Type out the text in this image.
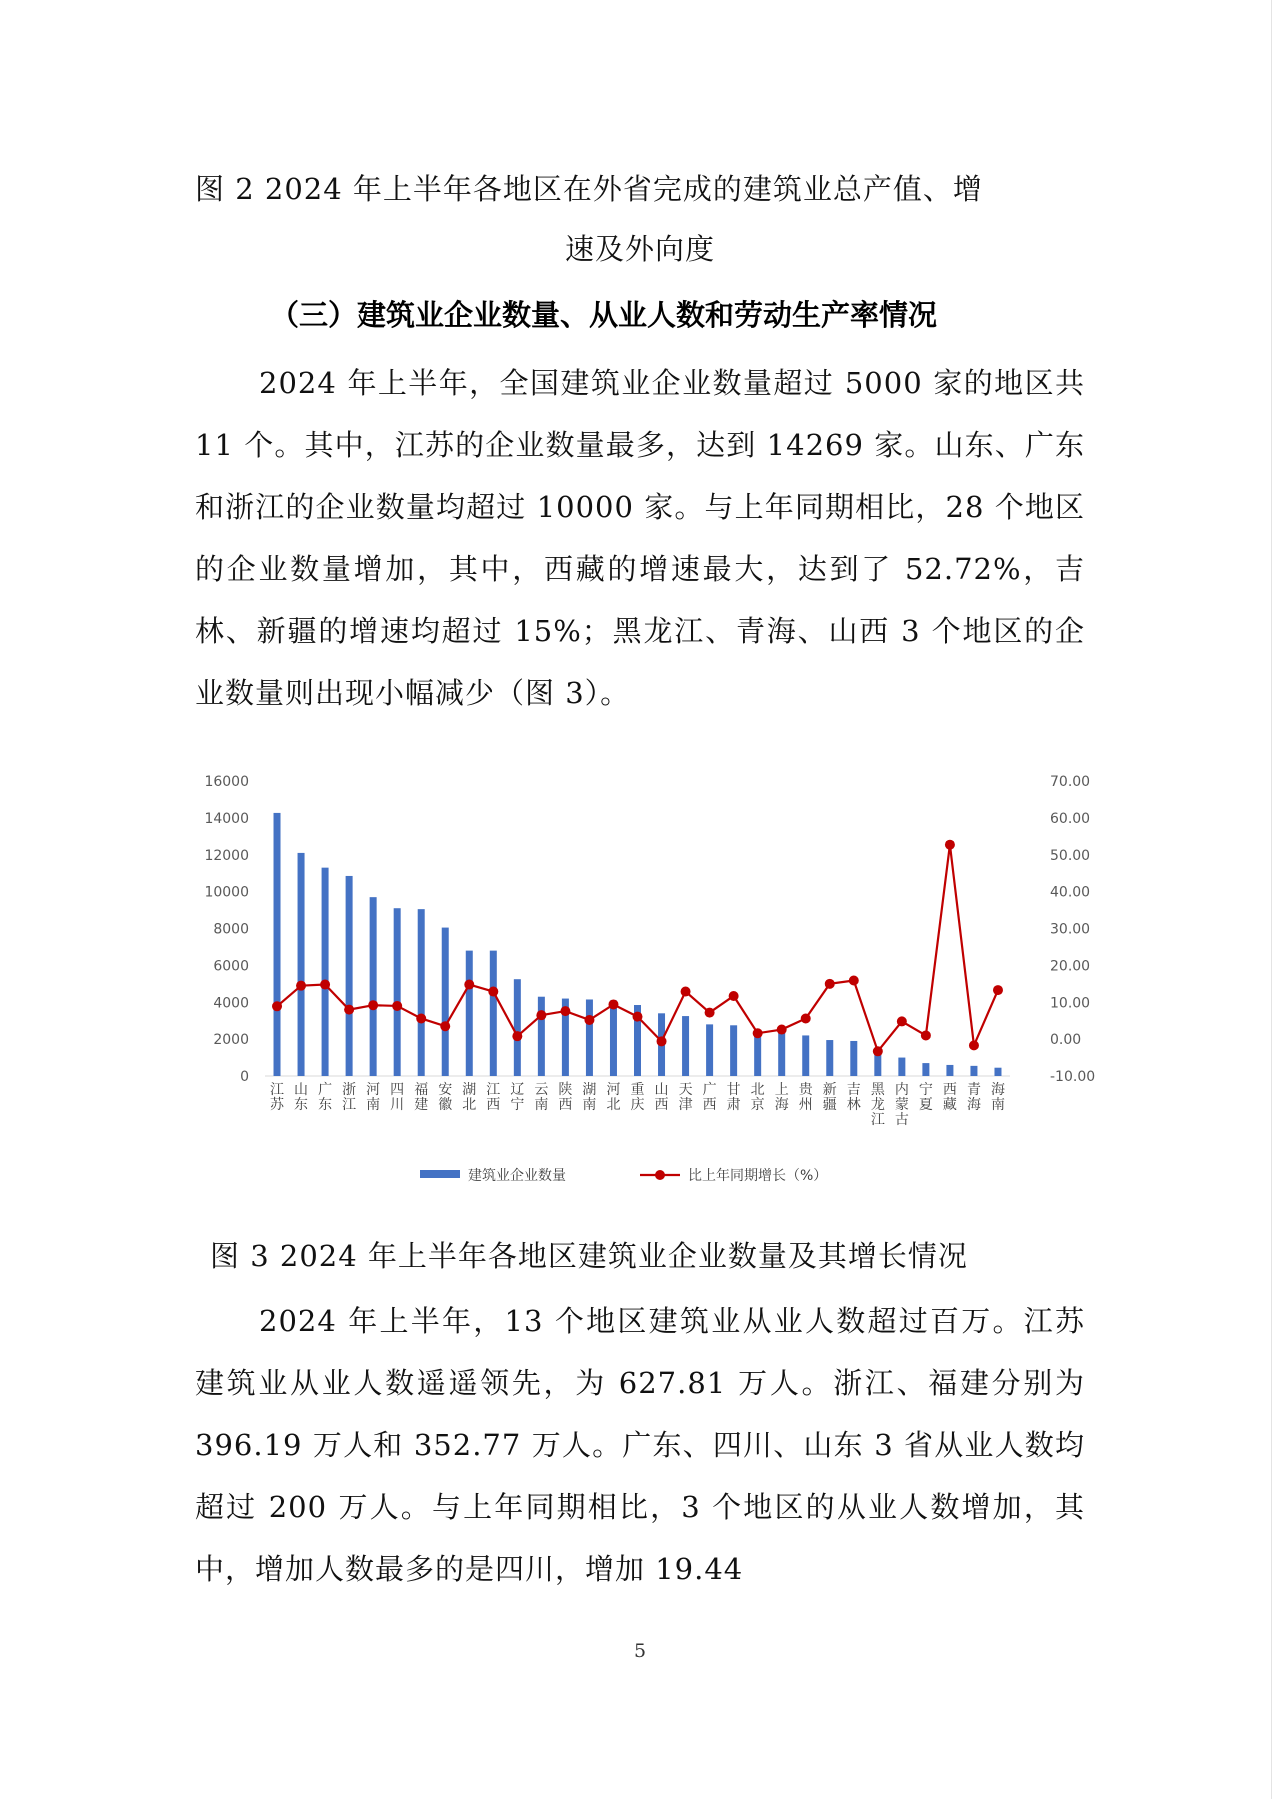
图 2 2024 年上半年各地区在外省完成的建筑业总产值、增
速及外向度
（三）建筑业企业数量、从业人数和劳动生产率情况

2024 年上半年，全国建筑业企业数量超过 5000 家的地区共 11 个。其中，江苏的企业数量最多，达到 14269 家。山东、广东和浙江的企业数量均超过 10000 家。与上年同期相比，28 个地区的企业数量增加，其中，西藏的增速最大，达到了 52.72%，吉林、新疆的增速均超过 15%；黑龙江、青海、山西 3 个地区的企业数量则出现小幅减少（图 3）。

0
2000
4000
6000
8000
10000
12000
14000
16000
-10.00
0.00
10.00
20.00
30.00
40.00
50.00
60.00
70.00
江苏
山东
广东
浙江
河南
四川
福建
安徽
湖北
江西
辽宁
云南
陕西
湖南
河北
重庆
山西
天津
广西
甘肃
北京
上海
贵州
新疆
吉林
黑龙江
内蒙古
宁夏
西藏
青海
海南
建筑业企业数量	比上年同期增长（%）
图 3 2024 年上半年各地区建筑业企业数量及其增长情况

2024 年上半年，13 个地区建筑业从业人数超过百万。江苏建筑业从业人数遥遥领先，为 627.81 万人。浙江、福建分别为 396.19 万人和 352.77 万人。广东、四川、山东 3 省从业人数均超过 200 万人。与上年同期相比，3 个地区的从业人数增加，其中，增加人数最多的是四川，增加 19.44

5
